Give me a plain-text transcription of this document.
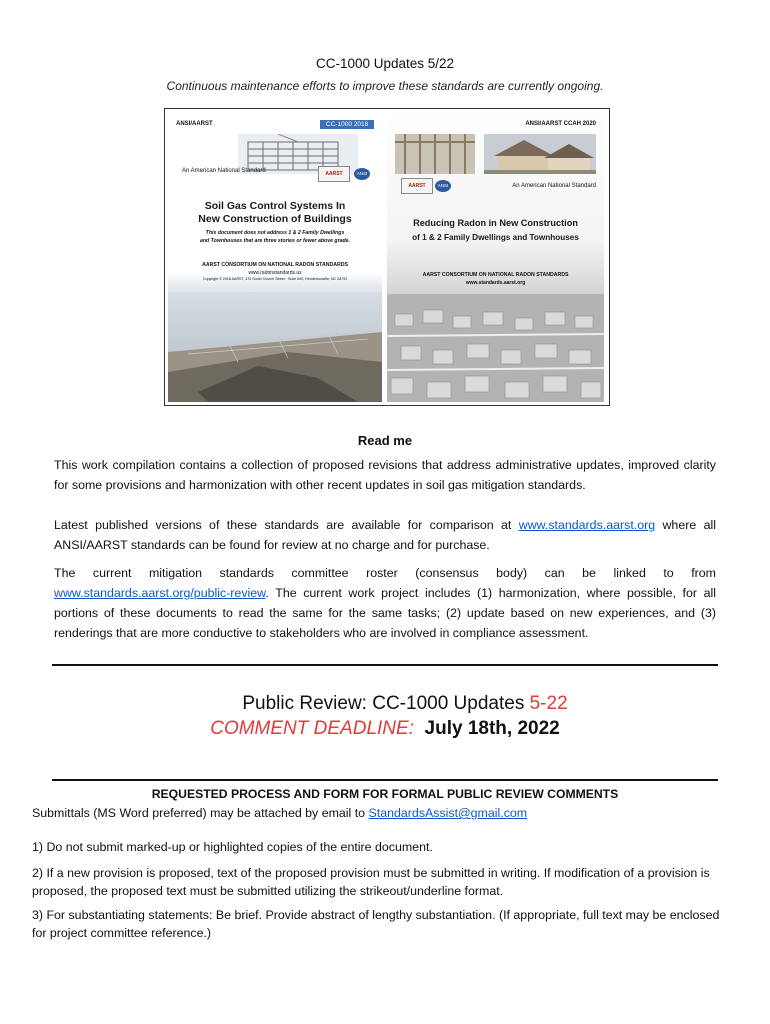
CC-1000 Updates 5/22
Continuous maintenance efforts to improve these standards are currently ongoing.
ANSI/AARST	CC-1000 2018
An American National Standard	AARST	ANSI
Soil Gas Control Systems In
New Construction of Buildings
This document does not address 1 & 2 Family Dwellings
and Townhouses that are three stories or fewer above grade.
AARST CONSORTIUM ON NATIONAL RADON STANDARDS
www.radonstandards.us
Copyright © 2018 AARST, 475 South Church Street · Suite 600, Hendersonville, NC 28792
ANSI/AARST CCAH 2020
AARST	ANSI	An American National Standard
Reducing Radon in New Construction
of 1 & 2 Family Dwellings and Townhouses
AARST CONSORTIUM ON NATIONAL RADON STANDARDS
www.standards.aarst.org
Read me
This work compilation contains a collection of proposed revisions that address administrative updates, improved clarity for some provisions and harmonization with other recent updates in soil gas mitigation standards.
Latest published versions of these standards are available for comparison at www.standards.aarst.org where all ANSI/AARST standards can be found for review at no charge and for purchase.
The current mitigation standards committee roster (consensus body) can be linked to from www.standards.aarst.org/public-review. The current work project includes (1) harmonization, where possible, for all portions of these documents to read the same for the same tasks; (2) update based on new experiences, and (3) renderings that are more conductive to stakeholders who are involved in compliance assessment.
Public Review: CC-1000 Updates 5-22
COMMENT DEADLINE: July 18th, 2022
REQUESTED PROCESS AND FORM FOR FORMAL PUBLIC REVIEW COMMENTS
Submittals (MS Word preferred) may be attached by email to StandardsAssist@gmail.com
1) Do not submit marked-up or highlighted copies of the entire document.
2) If a new provision is proposed, text of the proposed provision must be submitted in writing. If modification of a provision is proposed, the proposed text must be submitted utilizing the strikeout/underline format.
3) For substantiating statements: Be brief. Provide abstract of lengthy substantiation. (If appropriate, full text may be enclosed for project committee reference.)
